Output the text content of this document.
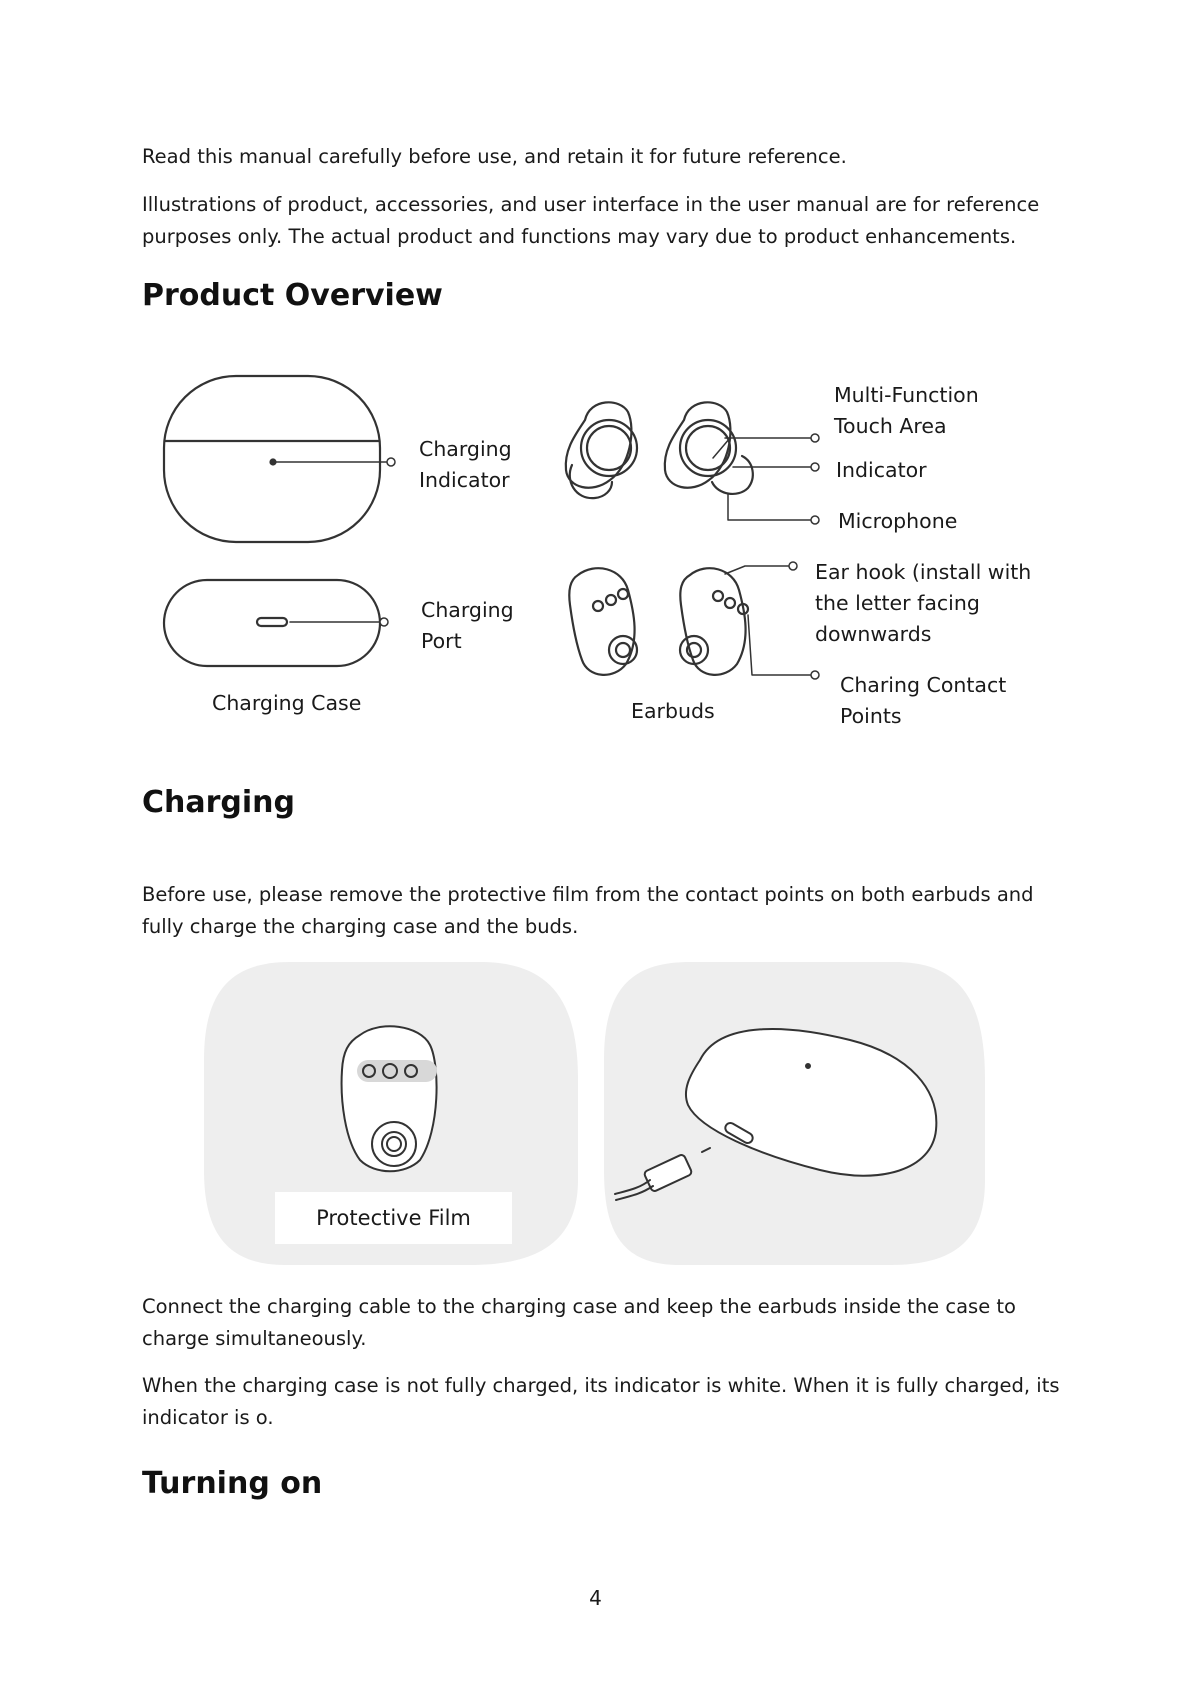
Read this manual carefully before use, and retain it for future reference.

Illustrations of product, accessories, and user interface in the user manual are for reference purposes only. The actual product and functions may vary due to product enhancements.

Product Overview
Charging
Indicator
Charging
Port
Charging Case
Multi-Function
Touch Area
Indicator
Microphone
Ear hook (install with
the letter facing
downwards
Charing Contact
Points
Earbuds
Charging

Before use, please remove the protective film from the contact points on both earbuds and fully charge the charging case and the buds.

Protective Film

Connect the charging cable to the charging case and keep the earbuds inside the case to charge simultaneously.

When the charging case is not fully charged, its indicator is white. When it is fully charged, its indicator is o.

Turning on
4
